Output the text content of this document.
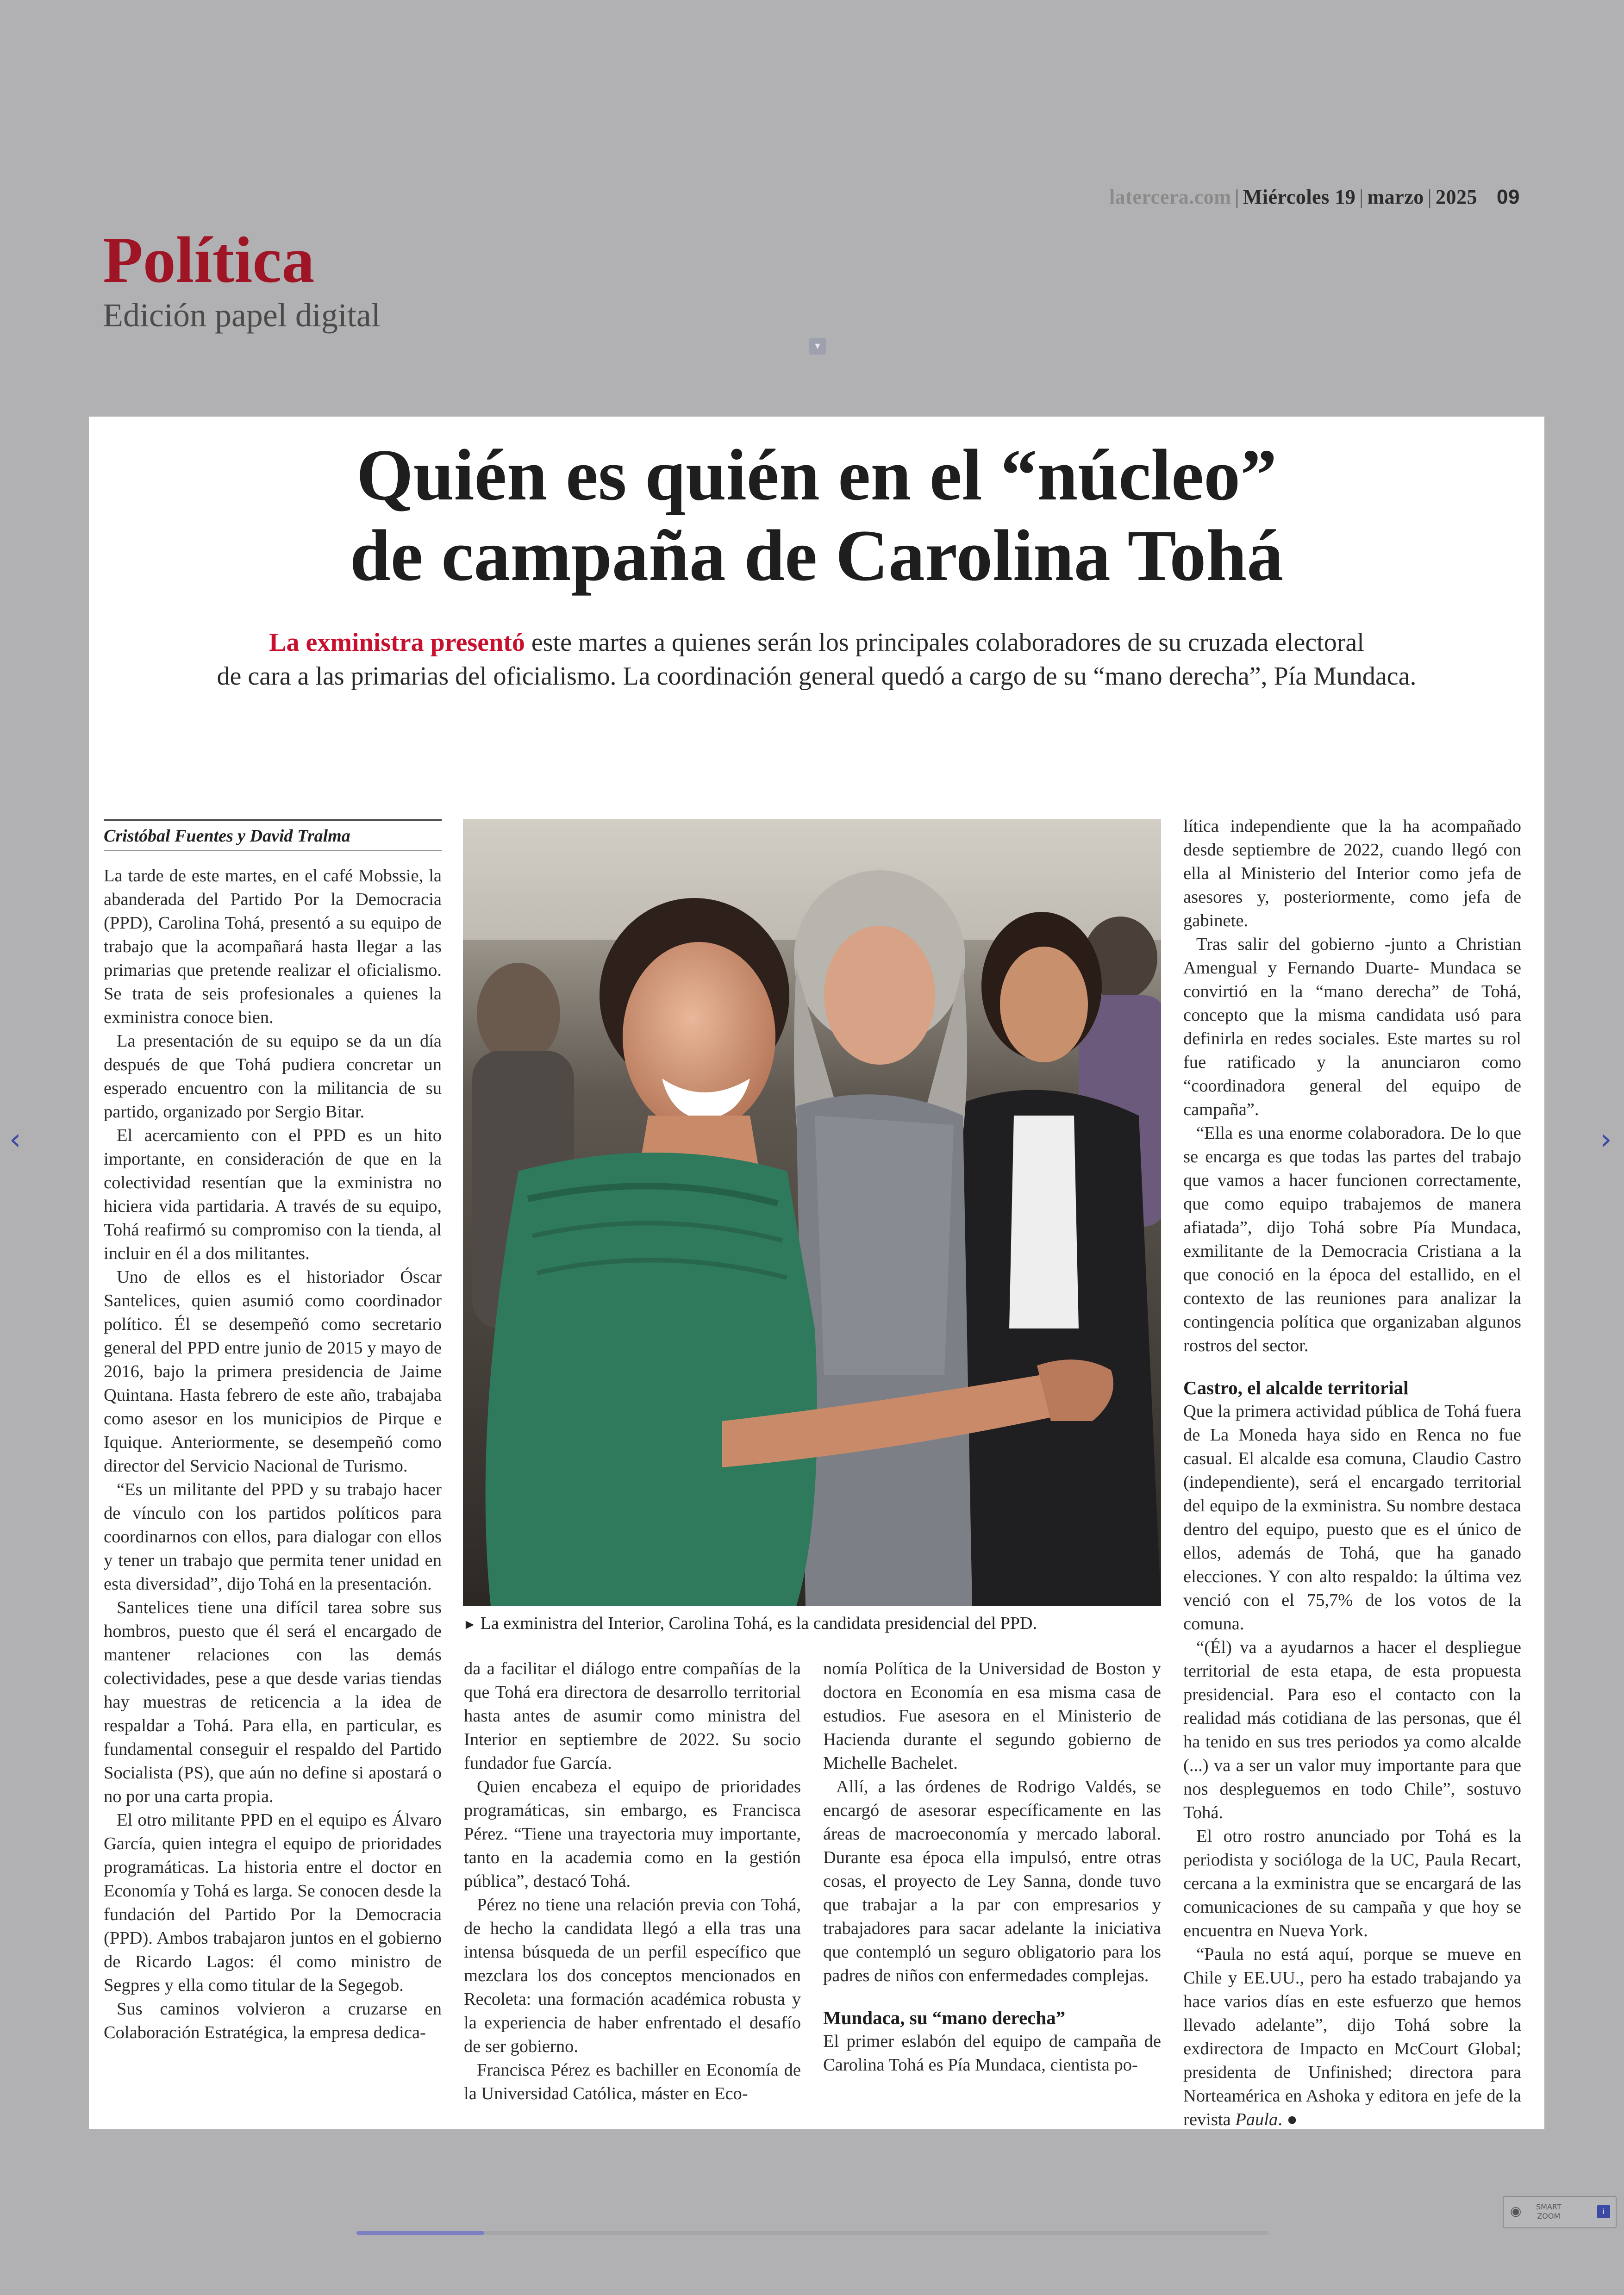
latercera.com | Miércoles 19 | marzo | 2025 09
Política
Edición papel digital
▾
‹	›
Quién es quién en el “núcleo”
de campaña de Carolina Tohá

La exministra presentó este martes a quienes serán los principales colaboradores de su cruzada electoral
de cara a las primarias del oficialismo. La coordinación general quedó a cargo de su “mano derecha”, Pía Mundaca.

Cristóbal Fuentes y David Tralma

La tarde de este martes, en el café Mobssie, la abanderada del Partido Por la Democracia (PPD), Carolina Tohá, presentó a su equipo de trabajo que la acompañará hasta llegar a las primarias que pretende realizar el oficialismo. Se trata de seis profesionales a quienes la exministra conoce bien.

La presentación de su equipo se da un día después de que Tohá pudiera concretar un esperado encuentro con la militancia de su partido, organizado por Sergio Bitar.

El acercamiento con el PPD es un hito importante, en consideración de que en la colectividad resentían que la exministra no hiciera vida partidaria. A través de su equipo, Tohá reafirmó su compromiso con la tienda, al incluir en él a dos militantes.

Uno de ellos es el historiador Óscar Santelices, quien asumió como coordinador político. Él se desempeñó como secretario general del PPD entre junio de 2015 y mayo de 2016, bajo la primera presidencia de Jaime Quintana. Hasta febrero de este año, trabajaba como asesor en los municipios de Pirque e Iquique. Anteriormente, se desempeñó como director del Servicio Nacional de Turismo.

“Es un militante del PPD y su trabajo hacer de vínculo con los partidos políticos para coordinarnos con ellos, para dialogar con ellos y tener un trabajo que permita tener unidad en esta diversidad”, dijo Tohá en la presentación.

Santelices tiene una difícil tarea sobre sus hombros, puesto que él será el encargado de mantener relaciones con las demás colectividades, pese a que desde varias tiendas hay muestras de reticencia a la idea de respaldar a Tohá. Para ella, en particular, es fundamental conseguir el respaldo del Partido Socialista (PS), que aún no define si apostará o no por una carta propia.

El otro militante PPD en el equipo es Álvaro García, quien integra el equipo de prioridades programáticas. La historia entre el doctor en Economía y Tohá es larga. Se conocen desde la fundación del Partido Por la Democracia (PPD). Ambos trabajaron juntos en el gobierno de Ricardo Lagos: él como ministro de Segpres y ella como titular de la Segegob.

Sus caminos volvieron a cruzarse en Colaboración Estratégica, la empresa dedica-

► La exministra del Interior, Carolina Tohá, es la candidata presidencial del PPD.

da a facilitar el diálogo entre compañías de la que Tohá era directora de desarrollo territorial hasta antes de asumir como ministra del Interior en septiembre de 2022. Su socio fundador fue García.

Quien encabeza el equipo de prioridades programáticas, sin embargo, es Francisca Pérez. “Tiene una trayectoria muy importante, tanto en la academia como en la gestión pública”, destacó Tohá.

Pérez no tiene una relación previa con Tohá, de hecho la candidata llegó a ella tras una intensa búsqueda de un perfil específico que mezclara los dos conceptos mencionados en Recoleta: una formación académica robusta y la experiencia de haber enfrentado el desafío de ser gobierno.

Francisca Pérez es bachiller en Economía de la Universidad Católica, máster en Eco-

nomía Política de la Universidad de Boston y doctora en Economía en esa misma casa de estudios. Fue asesora en el Ministerio de Hacienda durante el segundo gobierno de Michelle Bachelet.

Allí, a las órdenes de Rodrigo Valdés, se encargó de asesorar específicamente en las áreas de macroeconomía y mercado laboral. Durante esa época ella impulsó, entre otras cosas, el proyecto de Ley Sanna, donde tuvo que trabajar a la par con empresarios y trabajadores para sacar adelante la iniciativa que contempló un seguro obligatorio para los padres de niños con enfermedades complejas.

Mundaca, su “mano derecha”

El primer eslabón del equipo de campaña de Carolina Tohá es Pía Mundaca, cientista po-

lítica independiente que la ha acompañado desde septiembre de 2022, cuando llegó con ella al Ministerio del Interior como jefa de asesores y, posteriormente, como jefa de gabinete.

Tras salir del gobierno -junto a Christian Amengual y Fernando Duarte- Mundaca se convirtió en la “mano derecha” de Tohá, concepto que la misma candidata usó para definirla en redes sociales. Este martes su rol fue ratificado y la anunciaron como “coordinadora general del equipo de campaña”.

“Ella es una enorme colaboradora. De lo que se encarga es que todas las partes del trabajo que vamos a hacer funcionen correctamente, que como equipo trabajemos de manera afiatada”, dijo Tohá sobre Pía Mundaca, exmilitante de la Democracia Cristiana a la que conoció en la época del estallido, en el contexto de las reuniones para analizar la contingencia política que organizaban algunos rostros del sector.

Castro, el alcalde territorial

Que la primera actividad pública de Tohá fuera de La Moneda haya sido en Renca no fue casual. El alcalde esa comuna, Claudio Castro (independiente), será el encargado territorial del equipo de la exministra. Su nombre destaca dentro del equipo, puesto que es el único de ellos, además de Tohá, que ha ganado elecciones. Y con alto respaldo: la última vez venció con el 75,7% de los votos de la comuna.

“(Él) va a ayudarnos a hacer el despliegue territorial de esta etapa, de esta propuesta presidencial. Para eso el contacto con la realidad más cotidiana de las personas, que él ha tenido en sus tres periodos ya como alcalde (...) va a ser un valor muy importante para que nos despleguemos en todo Chile”, sostuvo Tohá.

El otro rostro anunciado por Tohá es la periodista y socióloga de la UC, Paula Recart, cercana a la exministra que se encargará de las comunicaciones de su campaña y que hoy se encuentra en Nueva York.

“Paula no está aquí, porque se mueve en Chile y EE.UU., pero ha estado trabajando ya hace varios días en este esfuerzo que hemos llevado adelante”, dijo Tohá sobre la exdirectora de Impacto en McCourt Global; presidenta de Unfinished; directora para Norteamérica en Ashoka y editora en jefe de la revista Paula. ●

◉ SMART
ZOOM
i
